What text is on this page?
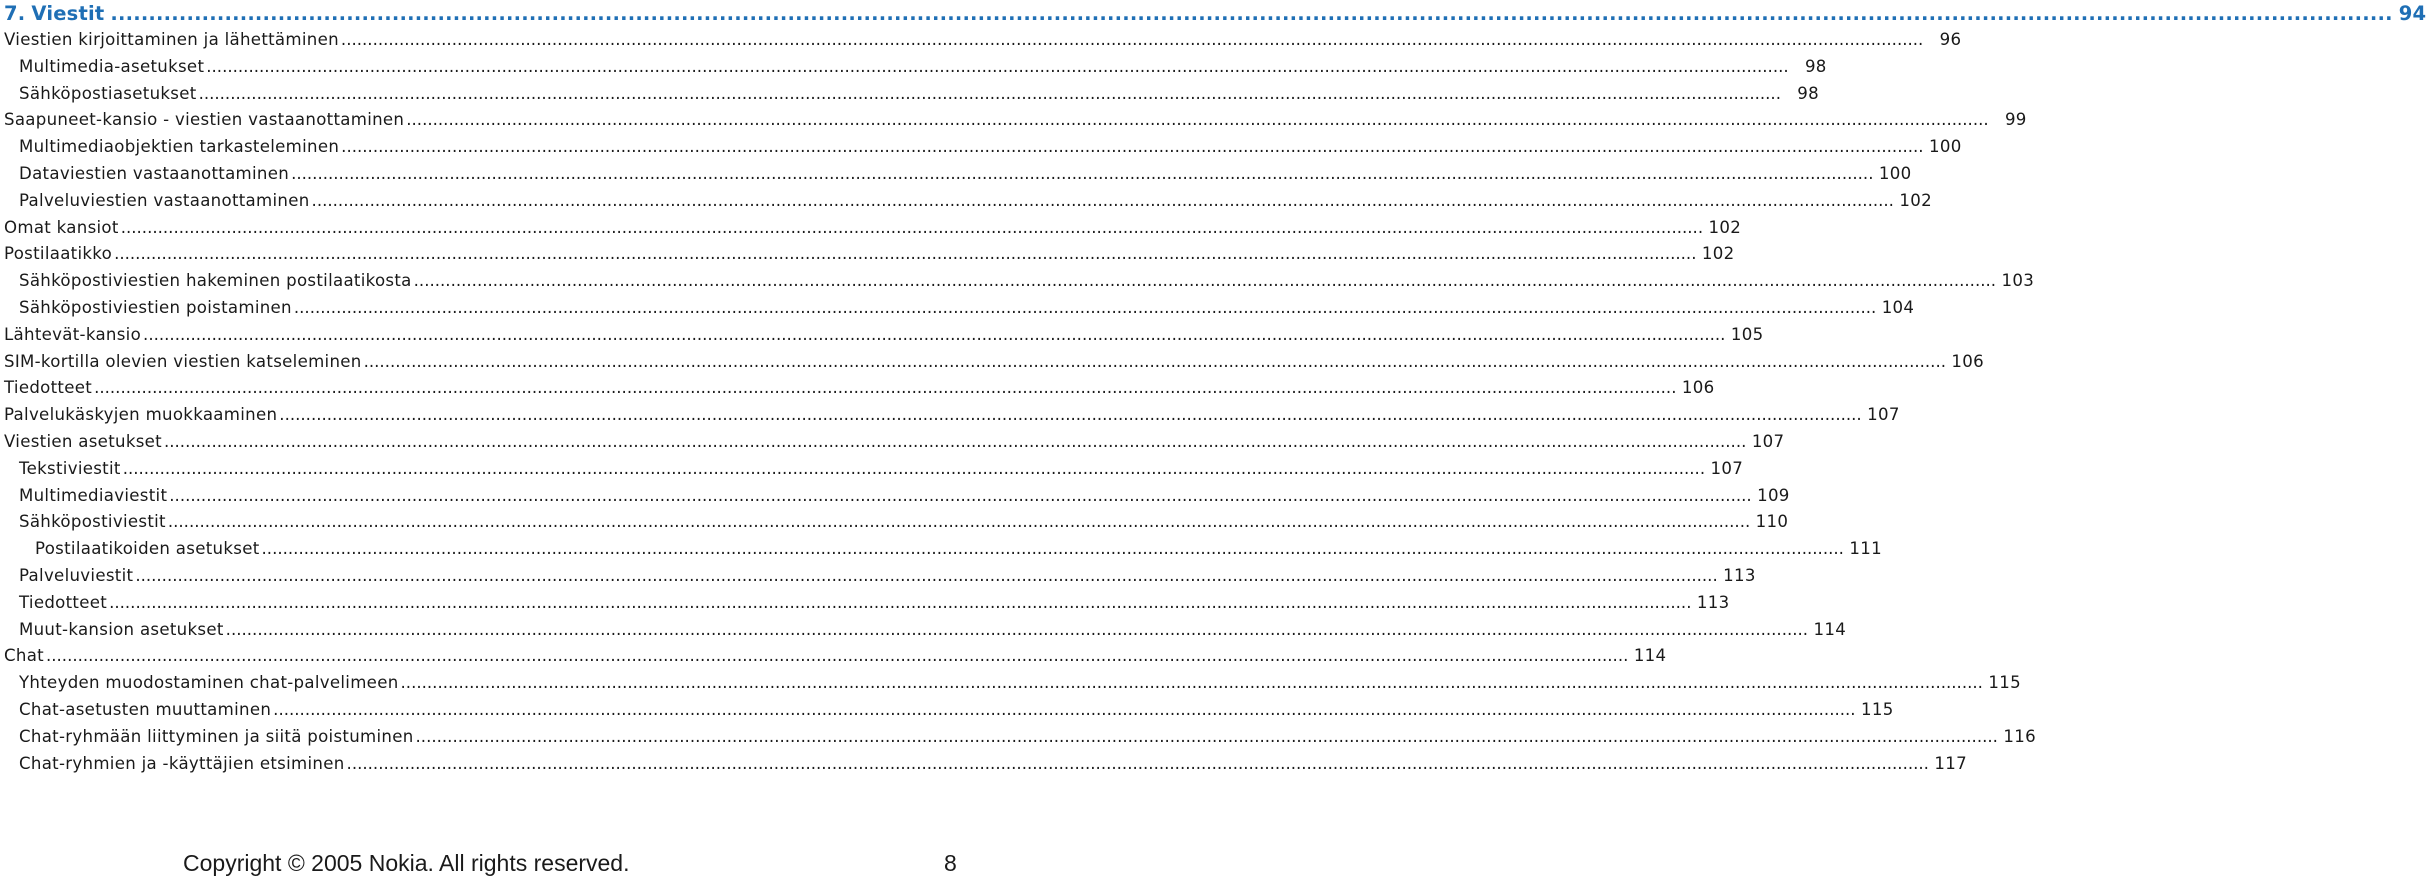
7. Viestit ............................................................................................................................................................................................................................................................................................................ 94
Viestien kirjoittaminen ja lähettäminen ............................................................................................................................................................................................................................................................................................................ 96
Multimedia-asetukset ............................................................................................................................................................................................................................................................................................................ 98
Sähköpostiasetukset ............................................................................................................................................................................................................................................................................................................ 98
Saapuneet-kansio - viestien vastaanottaminen ............................................................................................................................................................................................................................................................................................................ 99
Multimediaobjektien tarkasteleminen ............................................................................................................................................................................................................................................................................................................ 100
Dataviestien vastaanottaminen ............................................................................................................................................................................................................................................................................................................ 100
Palveluviestien vastaanottaminen ............................................................................................................................................................................................................................................................................................................ 102
Omat kansiot ............................................................................................................................................................................................................................................................................................................ 102
Postilaatikko ............................................................................................................................................................................................................................................................................................................ 102
Sähköpostiviestien hakeminen postilaatikosta ............................................................................................................................................................................................................................................................................................................ 103
Sähköpostiviestien poistaminen ............................................................................................................................................................................................................................................................................................................ 104
Lähtevät-kansio ............................................................................................................................................................................................................................................................................................................ 105
SIM-kortilla olevien viestien katseleminen ............................................................................................................................................................................................................................................................................................................ 106
Tiedotteet ............................................................................................................................................................................................................................................................................................................ 106
Palvelukäskyjen muokkaaminen ............................................................................................................................................................................................................................................................................................................ 107
Viestien asetukset ............................................................................................................................................................................................................................................................................................................ 107
Tekstiviestit ............................................................................................................................................................................................................................................................................................................ 107
Multimediaviestit ............................................................................................................................................................................................................................................................................................................ 109
Sähköpostiviestit ............................................................................................................................................................................................................................................................................................................ 110
Postilaatikoiden asetukset ............................................................................................................................................................................................................................................................................................................ 111
Palveluviestit ............................................................................................................................................................................................................................................................................................................ 113
Tiedotteet ............................................................................................................................................................................................................................................................................................................ 113
Muut-kansion asetukset ............................................................................................................................................................................................................................................................................................................ 114
Chat ............................................................................................................................................................................................................................................................................................................ 114
Yhteyden muodostaminen chat-palvelimeen ............................................................................................................................................................................................................................................................................................................ 115
Chat-asetusten muuttaminen ............................................................................................................................................................................................................................................................................................................ 115
Chat-ryhmään liittyminen ja siitä poistuminen ............................................................................................................................................................................................................................................................................................................ 116
Chat-ryhmien ja -käyttäjien etsiminen ............................................................................................................................................................................................................................................................................................................ 117
Copyright © 2005 Nokia. All rights reserved.	8
